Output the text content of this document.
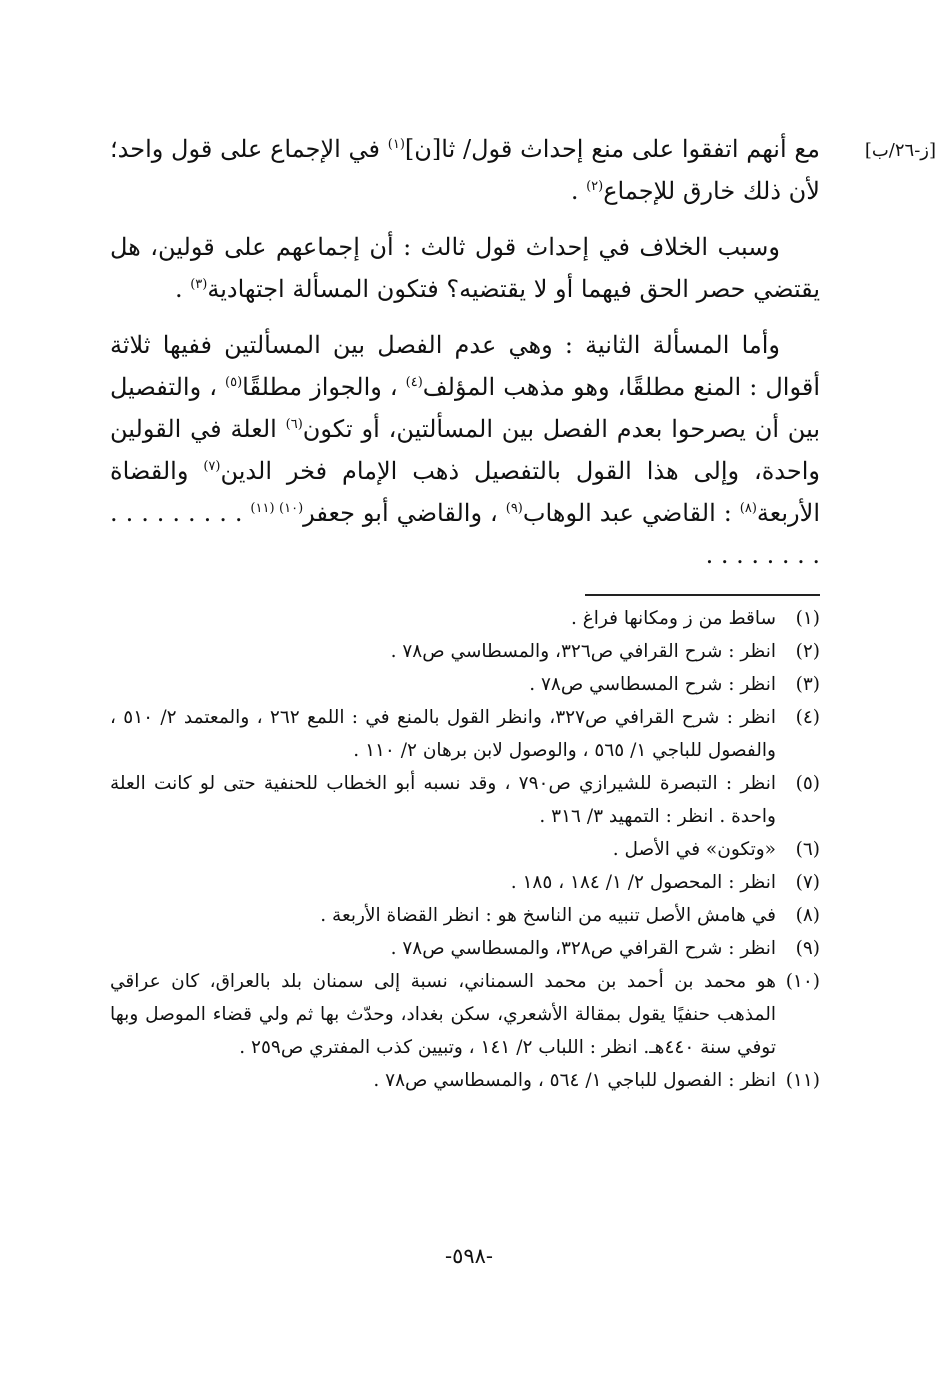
[ز-٢٦/ب]

مع أنهم اتفقوا على منع إحداث قول/ ثا[ن]$^{(١)}$ في الإجماع على قول واحد؛ لأن ذلك خارق للإجماع$^{(٢)}$ .

وسبب الخلاف في إحداث قول ثالث : أن إجماعهم على قولين، هل يقتضي حصر الحق فيهما أو لا يقتضيه؟ فتكون المسألة اجتهادية$^{(٣)}$ .

وأما المسألة الثانية : وهي عدم الفصل بين المسألتين ففيها ثلاثة أقوال : المنع مطلقًا، وهو مذهب المؤلف$^{(٤)}$ ، والجواز مطلقًا$^{(٥)}$ ، والتفصيل بين أن يصرحوا بعدم الفصل بين المسألتين، أو تكون$^{(٦)}$ العلة في القولين واحدة، وإلى هذا القول بالتفصيل ذهب الإمام فخر الدين$^{(٧)}$ والقضاة الأربعة$^{(٨)}$ : القاضي عبد الوهاب$^{(٩)}$ ، والقاضي أبو جعفر$^{(١٠) (١١)}$ . . . . . . . . . . . . . . . . .

(١)ساقط من ز ومكانها فراغ .
(٢)انظر : شرح القرافي ص٣٢٦، والمسطاسي ص٧٨ .
(٣)انظر : شرح المسطاسي ص٧٨ .
(٤)انظر : شرح القرافي ص٣٢٧، وانظر القول بالمنع في : اللمع ٢٦٢ ، والمعتمد ٢/ ٥١٠ ، والفصول للباجي ١/ ٥٦٥ ، والوصول لابن برهان ٢/ ١١٠ .
(٥)انظر : التبصرة للشيرازي ص٧٩٠ ، وقد نسبه أبو الخطاب للحنفية حتى لو كانت العلة واحدة . انظر : التمهيد ٣/ ٣١٦ .
(٦)«وتكون» في الأصل .
(٧)انظر : المحصول ٢/ ١/ ١٨٤ ، ١٨٥ .
(٨)في هامش الأصل تنبيه من الناسخ هو : انظر القضاة الأربعة .
(٩)انظر : شرح القرافي ص٣٢٨، والمسطاسي ص٧٨ .
(١٠)هو محمد بن أحمد بن محمد السمناني، نسبة إلى سمنان بلد بالعراق، كان عراقي المذهب حنفيًا يقول بمقالة الأشعري، سكن بغداد، وحدّث بها ثم ولي قضاء الموصل وبها توفي سنة ٤٤٠هـ. انظر : اللباب ٢/ ١٤١ ، وتبيين كذب المفتري ص٢٥٩ .
(١١)انظر : الفصول للباجي ١/ ٥٦٤ ، والمسطاسي ص٧٨ .
-٥٩٨-
